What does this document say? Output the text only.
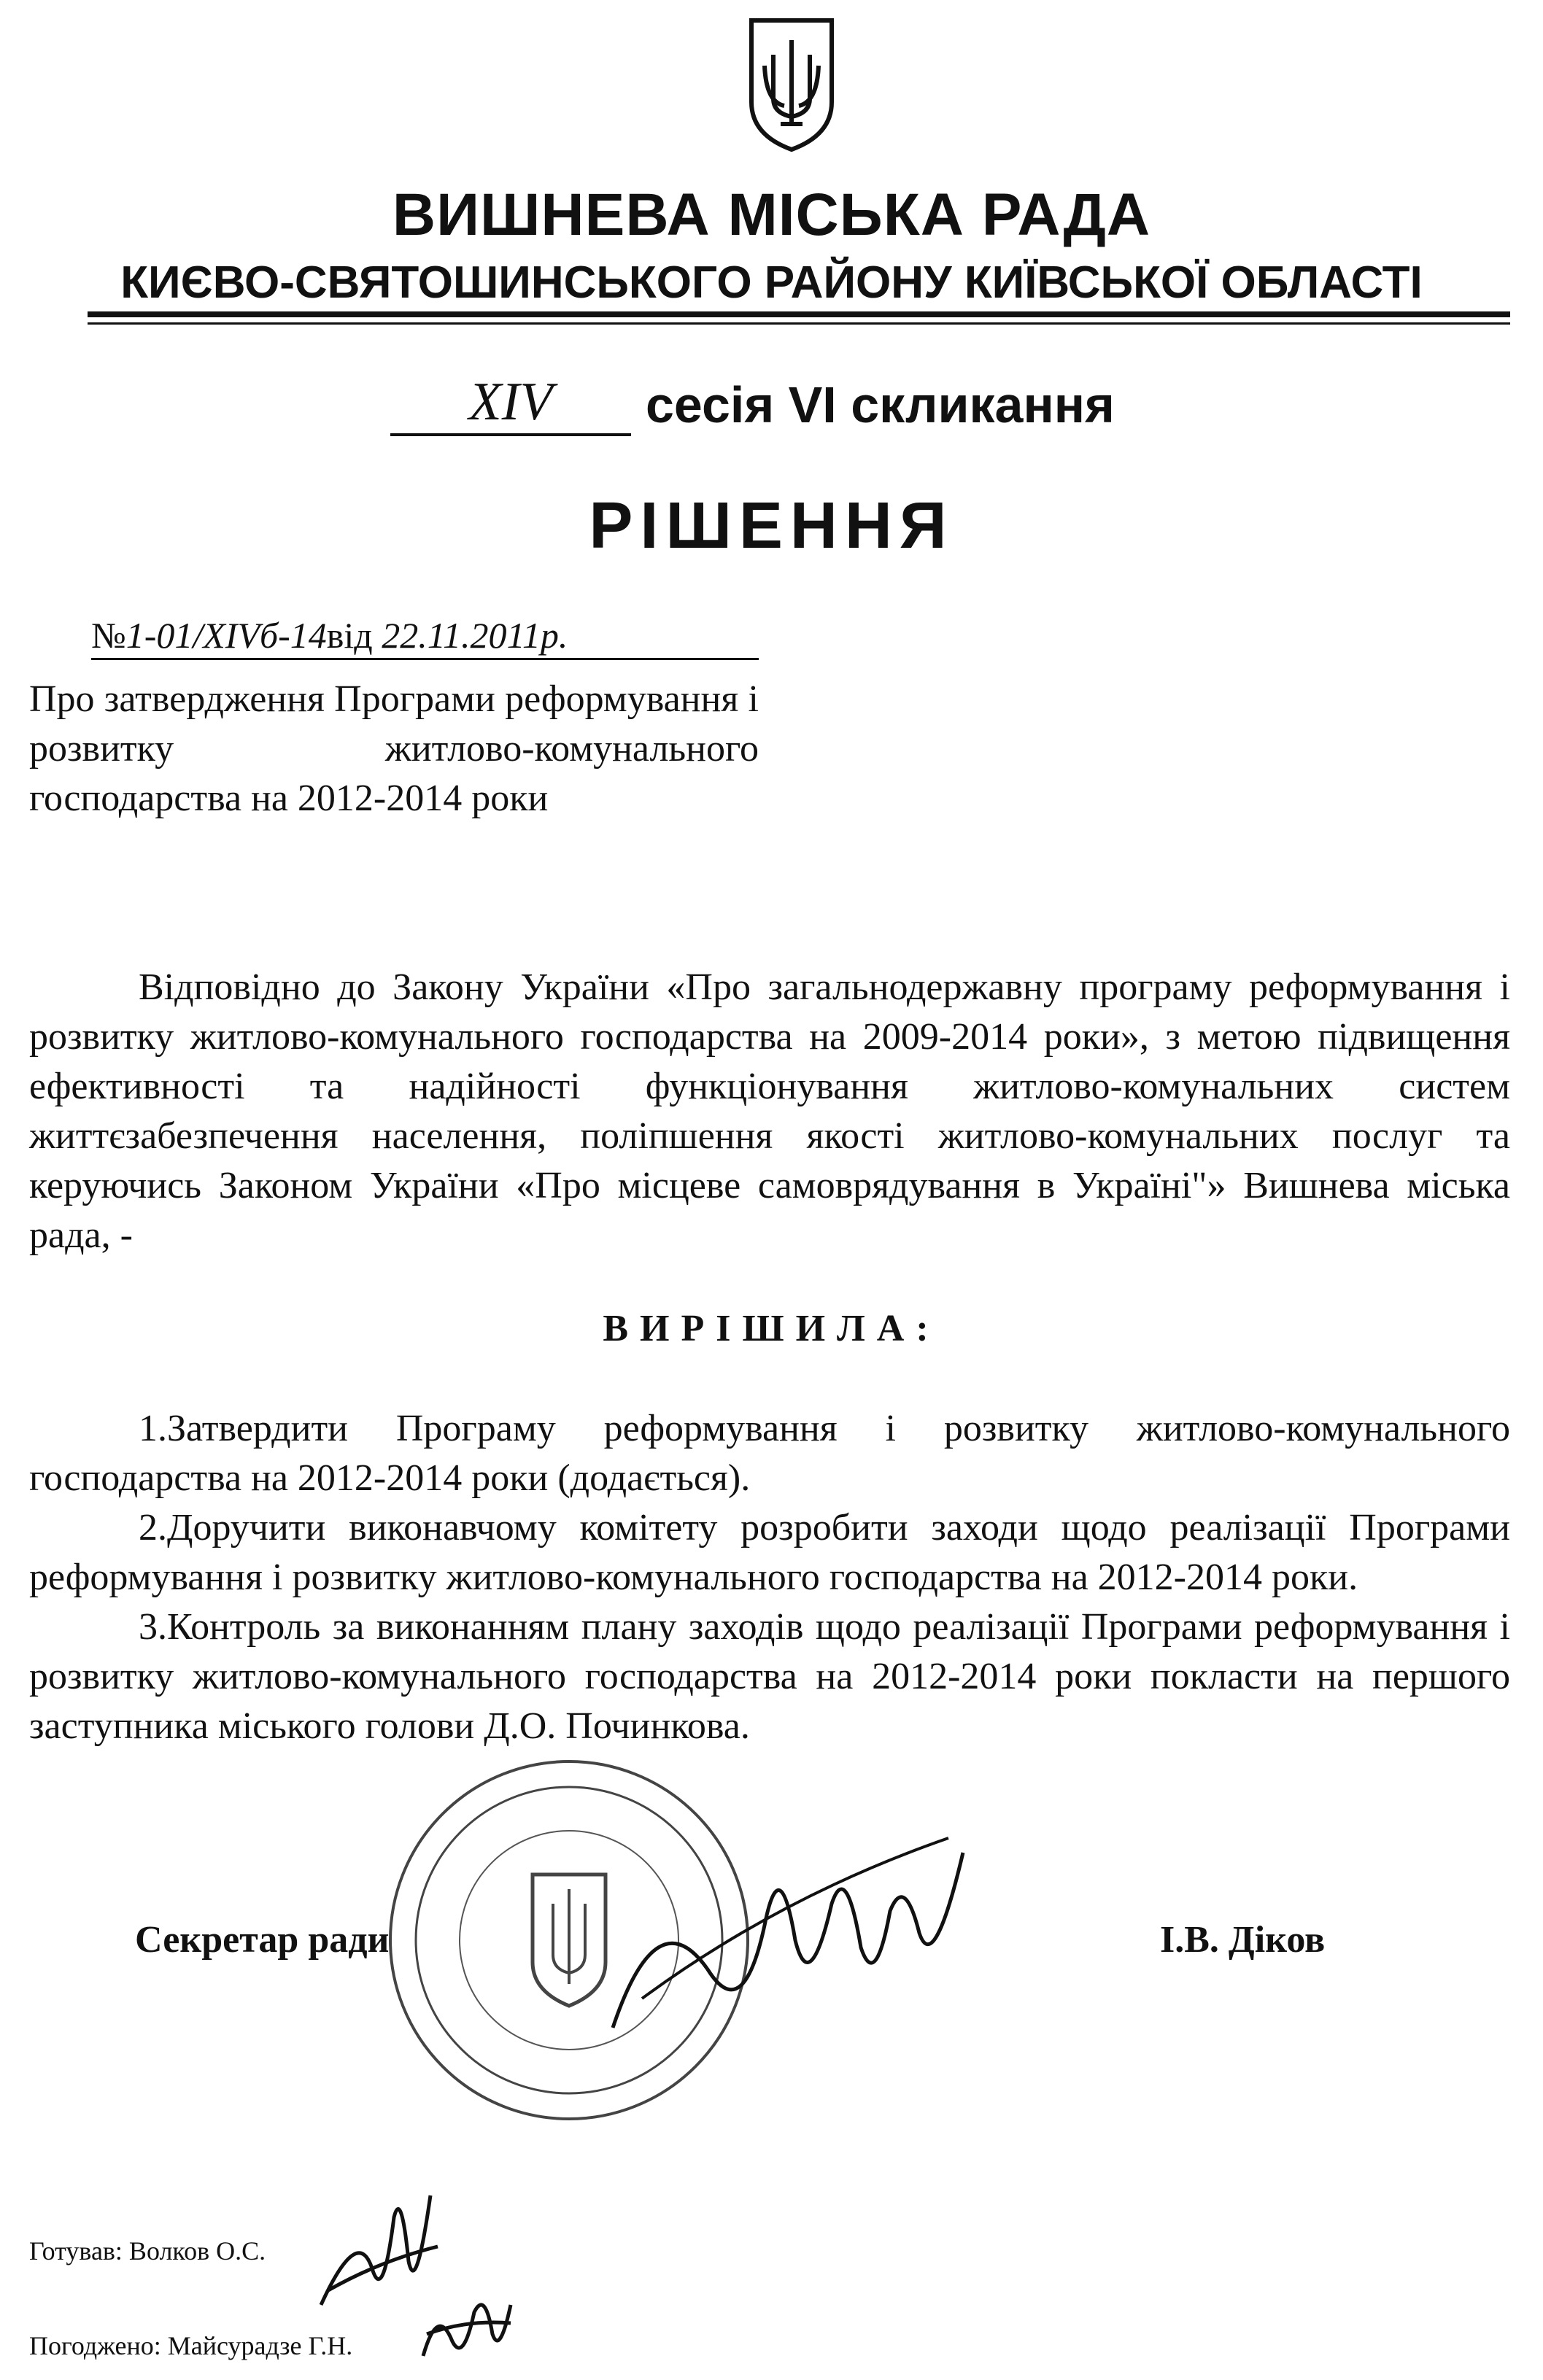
ВИШНЕВА МІСЬКА РАДА
КИЄВО-СВЯТОШИНСЬКОГО РАЙОНУ КИЇВСЬКОЇ ОБЛАСТІ
XIV	сесія VI скликання
РІШЕННЯ
№1-01/XIVб-14від 22.11.2011р.
Про затвердження Програми реформування і розвитку житлово-комунального господарства на 2012-2014 роки
Відповідно до Закону України «Про загальнодержавну програму реформування і розвитку житлово-комунального господарства на 2009-2014 роки», з метою підвищення ефективності та надійності функціонування житлово-комунальних систем життєзабезпечення населення, поліпшення якості житлово-комунальних послуг та керуючись Законом України «Про місцеве самоврядування в Україні"» Вишнева міська рада, -
ВИРІШИЛА:

1.Затвердити Програму реформування і розвитку житлово-комунального господарства на 2012-2014 роки (додається).

2.Доручити виконавчому комітету розробити заходи щодо реалізації Програми реформування і розвитку житлово-комунального господарства на 2012-2014 роки.

3.Контроль за виконанням плану заходів щодо реалізації Програми реформування і розвитку житлово-комунального господарства на 2012-2014 роки покласти на першого заступника міського голови Д.О. Починкова.

Секретар ради	І.В. Діков
Готував: Волков О.С.
Погоджено: Майсурадзе Г.Н.
